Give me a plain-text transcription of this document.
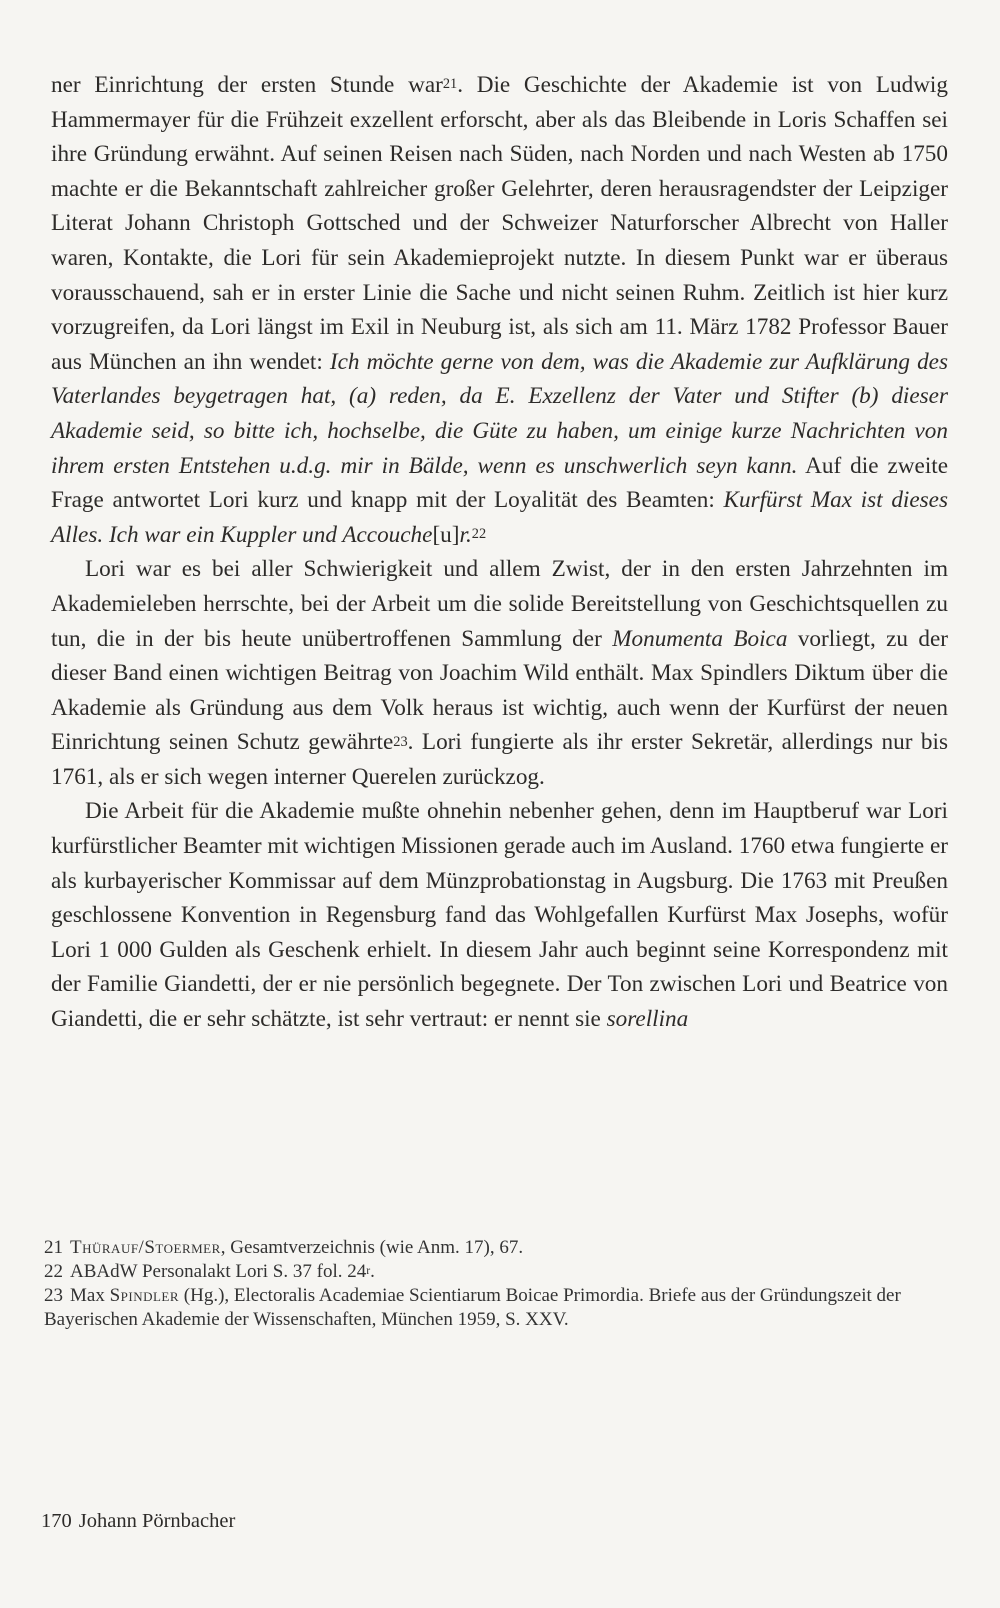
ner Einrichtung der ersten Stunde war$^{21}$. Die Geschichte der Akademie ist von Ludwig Hammermayer für die Frühzeit exzellent erforscht, aber als das Bleibende in Loris Schaffen sei ihre Gründung erwähnt. Auf seinen Reisen nach Süden, nach Norden und nach Westen ab 1750 machte er die Bekanntschaft zahlreicher großer Gelehrter, deren herausragendster der Leipziger Literat Johann Christoph Gottsched und der Schweizer Naturforscher Albrecht von Haller waren, Kontakte, die Lori für sein Akademieprojekt nutzte. In diesem Punkt war er überaus vorausschauend, sah er in erster Linie die Sache und nicht seinen Ruhm. Zeitlich ist hier kurz vorzugreifen, da Lori längst im Exil in Neuburg ist, als sich am 11. März 1782 Professor Bauer aus München an ihn wendet: Ich möchte gerne von dem, was die Akademie zur Aufklärung des Vaterlandes beygetragen hat, (a) reden, da E. Exzellenz der Vater und Stifter (b) dieser Akademie seid, so bitte ich, hochselbe, die Güte zu haben, um einige kurze Nachrichten von ihrem ersten Entstehen u.d.g. mir in Bälde, wenn es unschwerlich seyn kann. Auf die zweite Frage antwortet Lori kurz und knapp mit der Loyalität des Beamten: Kurfürst Max ist dieses Alles. Ich war ein Kuppler und Accouche[u]r.$^{22}$

Lori war es bei aller Schwierigkeit und allem Zwist, der in den ersten Jahrzehnten im Akademieleben herrschte, bei der Arbeit um die solide Bereitstellung von Geschichtsquellen zu tun, die in der bis heute unübertroffenen Sammlung der Monumenta Boica vorliegt, zu der dieser Band einen wichtigen Beitrag von Joachim Wild enthält. Max Spindlers Diktum über die Akademie als Gründung aus dem Volk heraus ist wichtig, auch wenn der Kurfürst der neuen Einrichtung seinen Schutz gewährte$^{23}$. Lori fungierte als ihr erster Sekretär, allerdings nur bis 1761, als er sich wegen interner Querelen zurückzog.

Die Arbeit für die Akademie mußte ohnehin nebenher gehen, denn im Hauptberuf war Lori kurfürstlicher Beamter mit wichtigen Missionen gerade auch im Ausland. 1760 etwa fungierte er als kurbayerischer Kommissar auf dem Münzprobationstag in Augsburg. Die 1763 mit Preußen geschlossene Konvention in Regensburg fand das Wohlgefallen Kurfürst Max Josephs, wofür Lori 1 000 Gulden als Geschenk erhielt. In diesem Jahr auch beginnt seine Korrespondenz mit der Familie Giandetti, der er nie persönlich begegnete. Der Ton zwischen Lori und Beatrice von Giandetti, die er sehr schätzte, ist sehr vertraut: er nennt sie sorellina

21 Thürauf/Stoermer, Gesamtverzeichnis (wie Anm. 17), 67.
22 ABAdW Personalakt Lori S. 37 fol. 24$^r$.
23 Max Spindler (Hg.), Electoralis Academiae Scientiarum Boicae Primordia. Briefe aus der Gründungszeit der Bayerischen Akademie der Wissenschaften, München 1959, S. XXV.
170 Johann Pörnbacher
